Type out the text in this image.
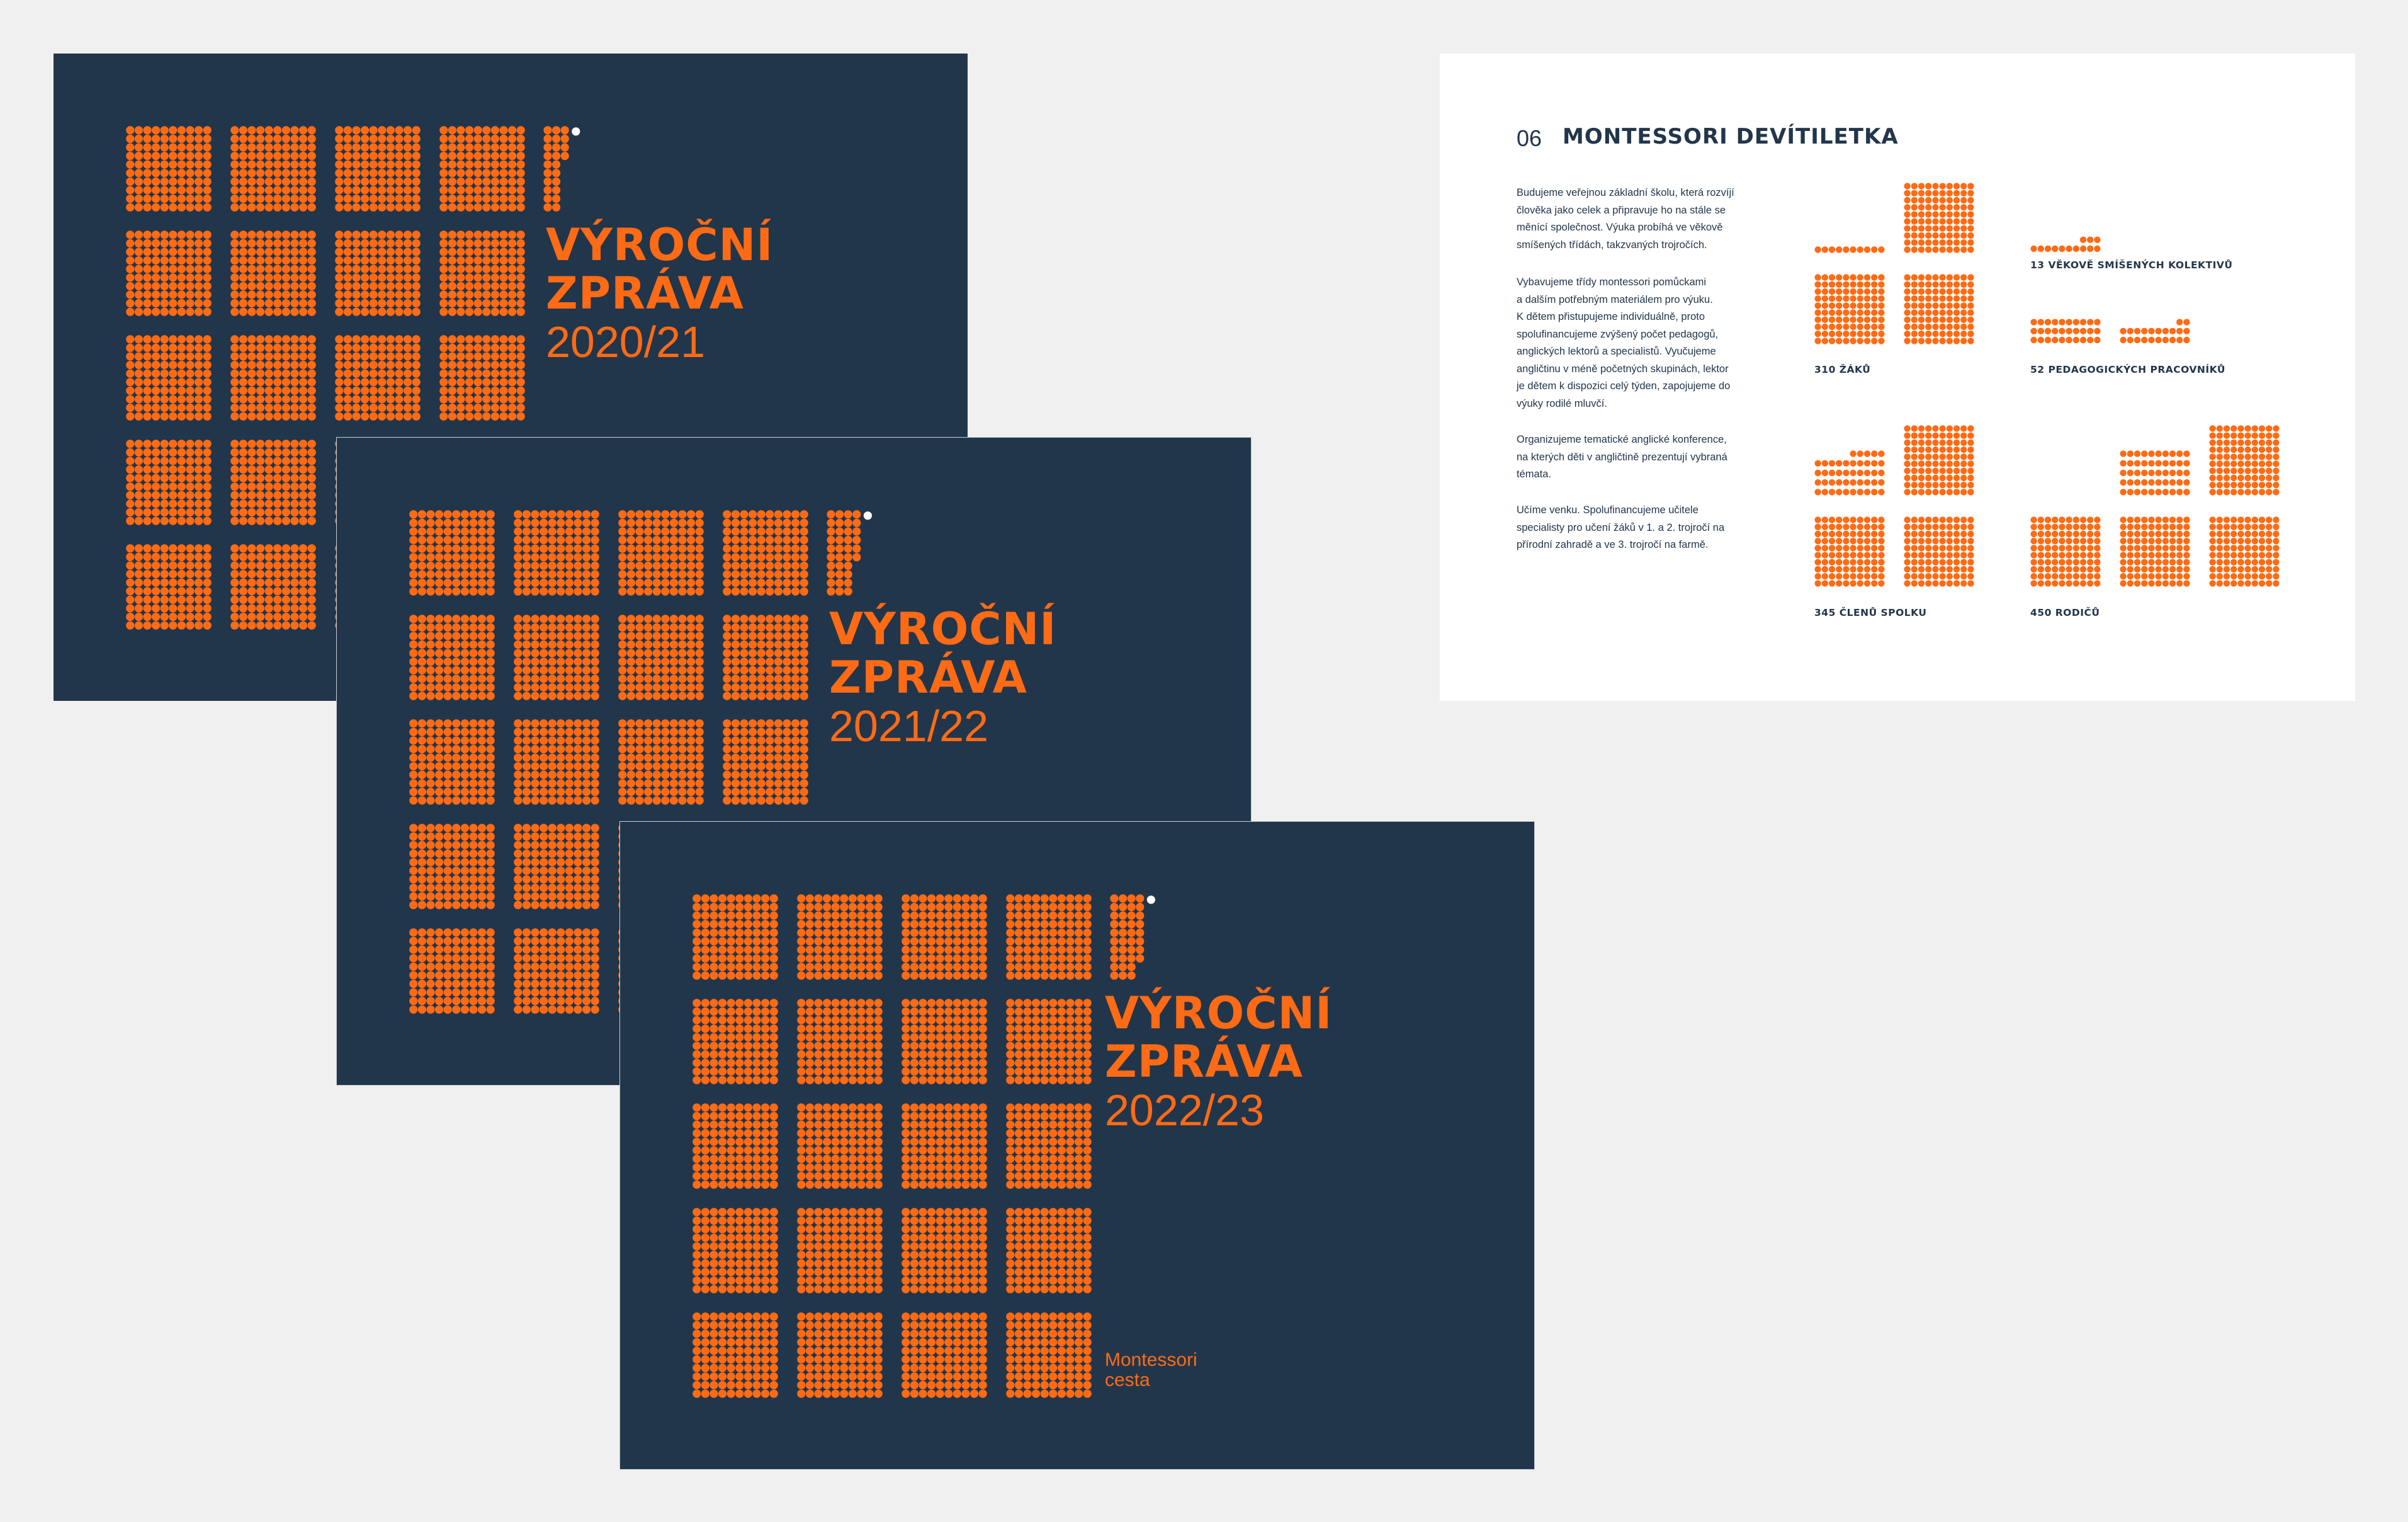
VÝROČNÍ
ZPRÁVA
2020/21
VÝROČNÍ
ZPRÁVA
2021/22
VÝROČNÍ
ZPRÁVA
2022/23
Montessori
cesta
06 MONTESSORI DEVÍTILETKA

Budujeme veřejnou základní školu, která rozvíjí
člověka jako celek a připravuje ho na stále se
měnící společnost. Výuka probíhá ve věkově
smíšených třídách, takzvaných trojročích.

Vybavujeme třídy montessori pomůckami
a dalším potřebným materiálem pro výuku.
K dětem přistupujeme individuálně, proto
spolufinancujeme zvýšený počet pedagogů,
anglických lektorů a specialistů. Vyučujeme
angličtinu v méně početných skupinách, lektor
je dětem k dispozici celý týden, zapojujeme do
výuky rodilé mluvčí.

Organizujeme tematické anglické konference,
na kterých děti v angličtině prezentují vybraná
témata.

Učíme venku. Spolufinancujeme učitele
specialisty pro učení žáků v 1. a 2. trojročí na
přírodní zahradě a ve 3. trojročí na farmě.

310 ŽÁKŮ
13 VĚKOVĚ SMÍŠENÝCH KOLEKTIVŮ
52 PEDAGOGICKÝCH PRACOVNÍKŮ
345 ČLENŮ SPOLKU	450 RODIČŮ
